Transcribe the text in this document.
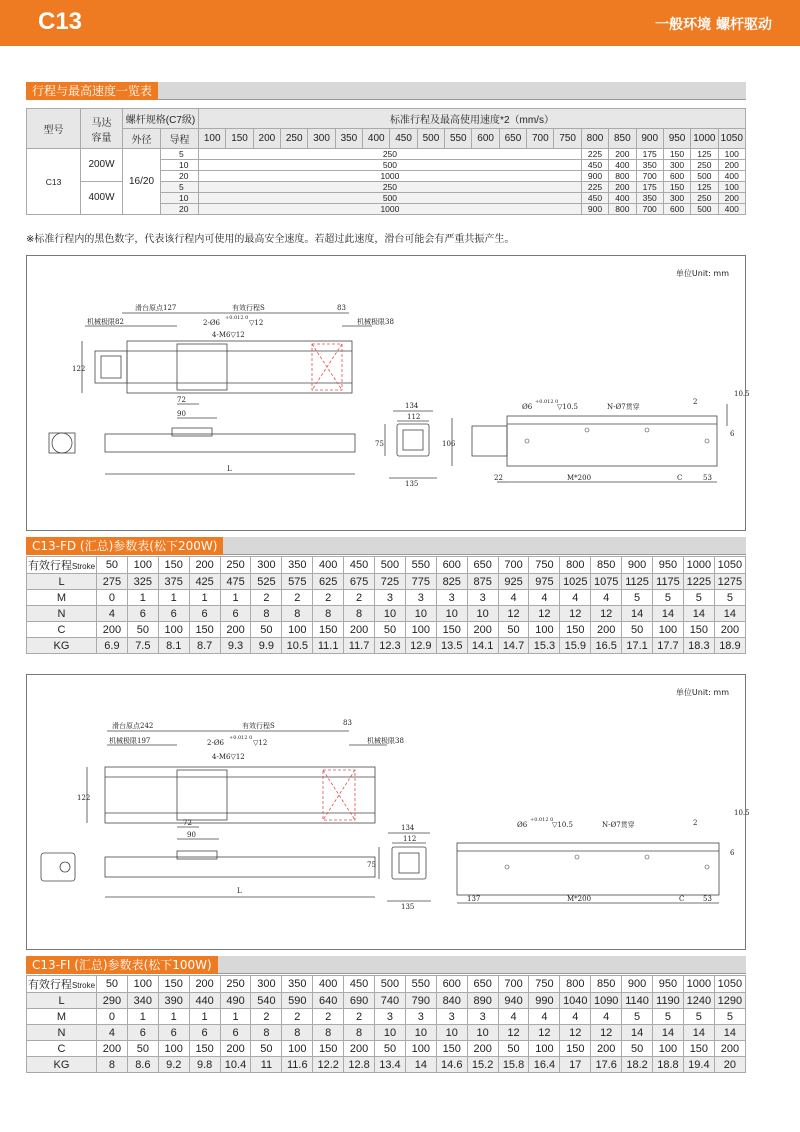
C13	一般环境 螺杆驱动
行程与最高速度一览表
型号	马达
容量	螺杆规格(C7级)		标准行程及最高使用速度*2（mm/s）																			
		外径	导程	100	150	200	250	300	350	400	450	500	550	600	650	700	750	800	850	900	950	1000	1050
C13	200W	16/20	5	250														225	200	175	150	125	100
			10	500														450	400	350	300	250	200
			20	1000														900	800	700	600	500	400
	400W		5	250														225	200	175	150	125	100
			10	500														450	400	350	300	250	200
			20	1000														900	800	700	600	500	400
※标准行程内的黑色数字，代表该行程内可使用的最高安全速度。若超过此速度，滑台可能会有严重共振产生。
单位Unit: mm
滑台原点127	有效行程S	83
机械极限82	机械极限38
2-Ø6
+0.012 0
▽12
4-M6▽12
122
72
90
L
134
112
75
135
106
Ø6
+0.012 0
▽10.5	N-Ø7贯穿
2
10.5
6
22	M*200	C	53
C13-FD (汇总)参数表(松下200W)
有效行程Stroke	50	100	150	200	250	300	350	400	450	500	550	600	650	700	750	800	850	900	950	1000	1050
L	275	325	375	425	475	525	575	625	675	725	775	825	875	925	975	1025	1075	1125	1175	1225	1275
M	0	1	1	1	1	2	2	2	2	3	3	3	3	4	4	4	4	5	5	5	5
N	4	6	6	6	6	8	8	8	8	10	10	10	10	12	12	12	12	14	14	14	14
C	200	50	100	150	200	50	100	150	200	50	100	150	200	50	100	150	200	50	100	150	200
KG	6.9	7.5	8.1	8.7	9.3	9.9	10.5	11.1	11.7	12.3	12.9	13.5	14.1	14.7	15.3	15.9	16.5	17.1	17.7	18.3	18.9
单位Unit: mm
滑台原点242	有效行程S	83
机械极限197	机械极限38
2-Ø6
+0.012 0
▽12
4-M6▽12
122
72
90
L
134
112
75
135
Ø6
+0.012 0
▽10.5	N-Ø7贯穿	2
10.5
6
137	M*200	C	53
C13-FI (汇总)参数表(松下100W)
有效行程Stroke	50	100	150	200	250	300	350	400	450	500	550	600	650	700	750	800	850	900	950	1000	1050
L	290	340	390	440	490	540	590	640	690	740	790	840	890	940	990	1040	1090	1140	1190	1240	1290
M	0	1	1	1	1	2	2	2	2	3	3	3	3	4	4	4	4	5	5	5	5
N	4	6	6	6	6	8	8	8	8	10	10	10	10	12	12	12	12	14	14	14	14
C	200	50	100	150	200	50	100	150	200	50	100	150	200	50	100	150	200	50	100	150	200
KG	8	8.6	9.2	9.8	10.4	11	11.6	12.2	12.8	13.4	14	14.6	15.2	15.8	16.4	17	17.6	18.2	18.8	19.4	20
